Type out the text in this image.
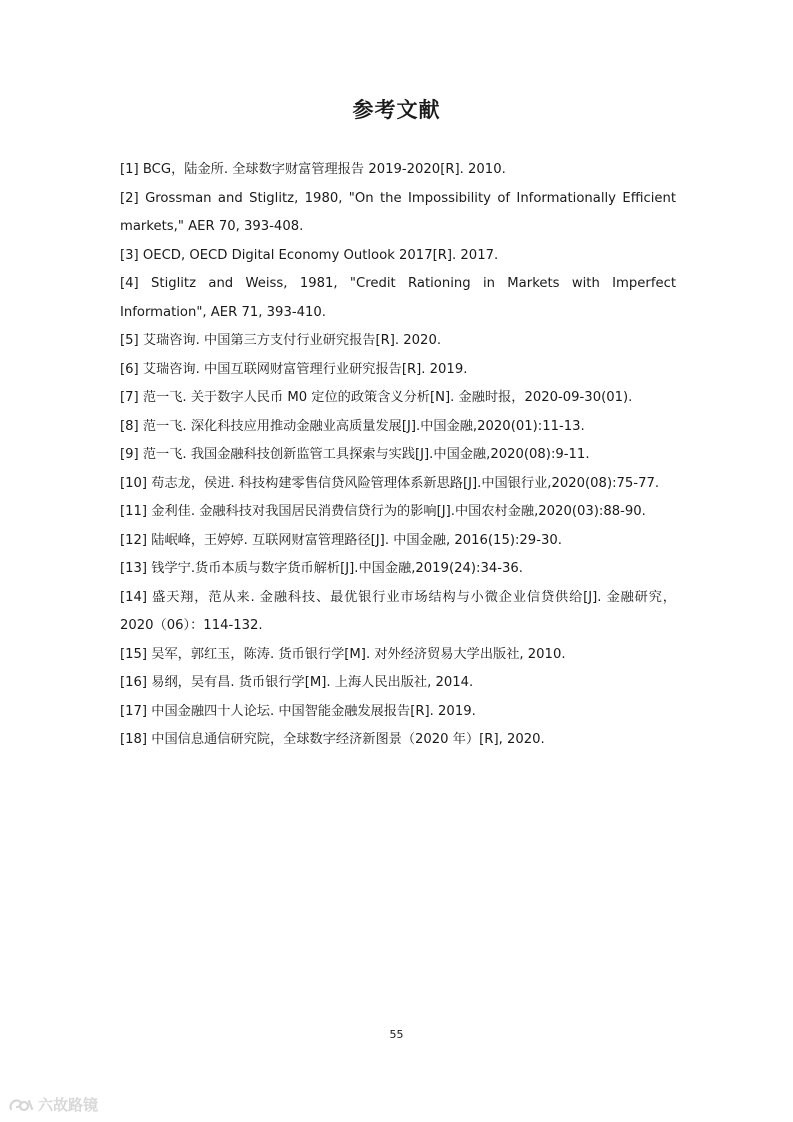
参考文献
[1] BCG，陆金所. 全球数字财富管理报告 2019-2020[R]. 2010.
[2] Grossman and Stiglitz, 1980, "On the Impossibility of Informationally Efficient markets," AER 70, 393-408.
[3] OECD, OECD Digital Economy Outlook 2017[R]. 2017.
[4] Stiglitz and Weiss, 1981, "Credit Rationing in Markets with Imperfect Information", AER 71, 393-410.
[5] 艾瑞咨询. 中国第三方支付行业研究报告[R]. 2020.
[6] 艾瑞咨询. 中国互联网财富管理行业研究报告[R]. 2019.
[7] 范一飞. 关于数字人民币 M0 定位的政策含义分析[N]. 金融时报，2020-09-30(01).
[8] 范一飞. 深化科技应用推动金融业高质量发展[J].中国金融,2020(01):11-13.
[9] 范一飞. 我国金融科技创新监管工具探索与实践[J].中国金融,2020(08):9-11.
[10] 苟志龙，侯进. 科技构建零售信贷风险管理体系新思路[J].中国银行业,2020(08):75-77.
[11] 金利佳. 金融科技对我国居民消费信贷行为的影响[J].中国农村金融,2020(03):88-90.
[12] 陆岷峰，王婷婷. 互联网财富管理路径[J]. 中国金融, 2016(15):29-30.
[13] 钱学宁.货币本质与数字货币解析[J].中国金融,2019(24):34-36.
[14] 盛天翔，范从来. 金融科技、最优银行业市场结构与小微企业信贷供给[J]. 金融研究，2020（06）：114-132.
[15] 吴军，郭红玉，陈涛. 货币银行学[M]. 对外经济贸易大学出版社, 2010.
[16] 易纲，吴有昌. 货币银行学[M]. 上海人民出版社, 2014.
[17] 中国金融四十人论坛. 中国智能金融发展报告[R]. 2019.
[18] 中国信息通信研究院，全球数字经济新图景（2020 年）[R], 2020.
55
六故路镜
